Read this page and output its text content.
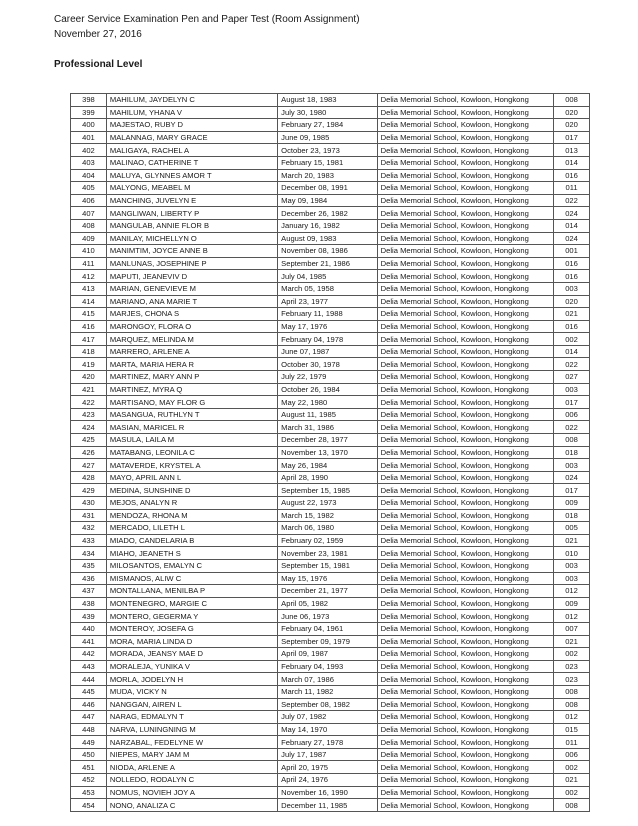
Career Service Examination Pen and Paper Test (Room Assignment)
November 27, 2016
Professional Level
398	MAHILUM, JAYDELYN C	August 18, 1983	Delia Memorial School, Kowloon, Hongkong	008
399	MAHILUM, YHANA V	July 30, 1980	Delia Memorial School, Kowloon, Hongkong	020
400	MAJESTAO, RUBY D	February 27, 1984	Delia Memorial School, Kowloon, Hongkong	020
401	MALANNAG, MARY GRACE	June 09, 1985	Delia Memorial School, Kowloon, Hongkong	017
402	MALIGAYA, RACHEL A	October 23, 1973	Delia Memorial School, Kowloon, Hongkong	013
403	MALINAO, CATHERINE T	February 15, 1981	Delia Memorial School, Kowloon, Hongkong	014
404	MALUYA, GLYNNES AMOR T	March 20, 1983	Delia Memorial School, Kowloon, Hongkong	016
405	MALYONG, MEABEL M	December 08, 1991	Delia Memorial School, Kowloon, Hongkong	011
406	MANCHING, JUVELYN E	May 09, 1984	Delia Memorial School, Kowloon, Hongkong	022
407	MANGLIWAN, LIBERTY P	December 26, 1982	Delia Memorial School, Kowloon, Hongkong	024
408	MANGULAB, ANNIE FLOR B	January 16, 1982	Delia Memorial School, Kowloon, Hongkong	014
409	MANILAY, MICHELLYN O	August 09, 1983	Delia Memorial School, Kowloon, Hongkong	024
410	MANIMTIM, JOYCE ANNE B	November 08, 1986	Delia Memorial School, Kowloon, Hongkong	001
411	MANLUNAS, JOSEPHINE P	September 21, 1986	Delia Memorial School, Kowloon, Hongkong	016
412	MAPUTI, JEANEVIV D	July 04, 1985	Delia Memorial School, Kowloon, Hongkong	016
413	MARIAN, GENEVIEVE M	March 05, 1958	Delia Memorial School, Kowloon, Hongkong	003
414	MARIANO, ANA MARIE T	April 23, 1977	Delia Memorial School, Kowloon, Hongkong	020
415	MARJES, CHONA S	February 11, 1988	Delia Memorial School, Kowloon, Hongkong	021
416	MARONGOY, FLORA O	May 17, 1976	Delia Memorial School, Kowloon, Hongkong	016
417	MARQUEZ, MELINDA M	February 04, 1978	Delia Memorial School, Kowloon, Hongkong	002
418	MARRERO, ARLENE A	June 07, 1987	Delia Memorial School, Kowloon, Hongkong	014
419	MARTA, MARIA HERA R	October 30, 1978	Delia Memorial School, Kowloon, Hongkong	022
420	MARTINEZ, MARY ANN P	July 22, 1979	Delia Memorial School, Kowloon, Hongkong	027
421	MARTINEZ, MYRA Q	October 26, 1984	Delia Memorial School, Kowloon, Hongkong	003
422	MARTISANO, MAY FLOR G	May 22, 1980	Delia Memorial School, Kowloon, Hongkong	017
423	MASANGUA, RUTHLYN T	August 11, 1985	Delia Memorial School, Kowloon, Hongkong	006
424	MASIAN, MARICEL R	March 31, 1986	Delia Memorial School, Kowloon, Hongkong	022
425	MASULA, LAILA M	December 28, 1977	Delia Memorial School, Kowloon, Hongkong	008
426	MATABANG, LEONILA C	November 13, 1970	Delia Memorial School, Kowloon, Hongkong	018
427	MATAVERDE, KRYSTEL A	May 26, 1984	Delia Memorial School, Kowloon, Hongkong	003
428	MAYO, APRIL ANN L	April 28, 1990	Delia Memorial School, Kowloon, Hongkong	024
429	MEDINA, SUNSHINE D	September 15, 1985	Delia Memorial School, Kowloon, Hongkong	017
430	MEJOS, ANALYN R	August 22, 1973	Delia Memorial School, Kowloon, Hongkong	009
431	MENDOZA, RHONA M	March 15, 1982	Delia Memorial School, Kowloon, Hongkong	018
432	MERCADO, LILETH L	March 06, 1980	Delia Memorial School, Kowloon, Hongkong	005
433	MIADO, CANDELARIA B	February 02, 1959	Delia Memorial School, Kowloon, Hongkong	021
434	MIAHO, JEANETH S	November 23, 1981	Delia Memorial School, Kowloon, Hongkong	010
435	MILOSANTOS, EMALYN C	September 15, 1981	Delia Memorial School, Kowloon, Hongkong	003
436	MISMANOS, ALIW C	May 15, 1976	Delia Memorial School, Kowloon, Hongkong	003
437	MONTALLANA, MENILBA P	December 21, 1977	Delia Memorial School, Kowloon, Hongkong	012
438	MONTENEGRO, MARGIE C	April 05, 1982	Delia Memorial School, Kowloon, Hongkong	009
439	MONTERO, GEGERMA Y	June 06, 1973	Delia Memorial School, Kowloon, Hongkong	012
440	MONTEROY, JOSEFA G	February 04, 1961	Delia Memorial School, Kowloon, Hongkong	007
441	MORA, MARIA LINDA D	September 09, 1979	Delia Memorial School, Kowloon, Hongkong	021
442	MORADA, JEANSY MAE D	April 09, 1987	Delia Memorial School, Kowloon, Hongkong	002
443	MORALEJA, YUNIKA V	February 04, 1993	Delia Memorial School, Kowloon, Hongkong	023
444	MORLA, JODELYN H	March 07, 1986	Delia Memorial School, Kowloon, Hongkong	023
445	MUDA, VICKY N	March 11, 1982	Delia Memorial School, Kowloon, Hongkong	008
446	NANGGAN, AIREN L	September 08, 1982	Delia Memorial School, Kowloon, Hongkong	008
447	NARAG, EDMALYN T	July 07, 1982	Delia Memorial School, Kowloon, Hongkong	012
448	NARVA, LUNINGNING M	May 14, 1970	Delia Memorial School, Kowloon, Hongkong	015
449	NARZABAL, FEDELYNE W	February 27, 1978	Delia Memorial School, Kowloon, Hongkong	011
450	NIEPES, MARY JAM M	July 17, 1987	Delia Memorial School, Kowloon, Hongkong	006
451	NIODA, ARLENE A	April 20, 1975	Delia Memorial School, Kowloon, Hongkong	002
452	NOLLEDO, RODALYN C	April 24, 1976	Delia Memorial School, Kowloon, Hongkong	021
453	NOMUS, NOVIEH JOY A	November 16, 1990	Delia Memorial School, Kowloon, Hongkong	002
454	NONO, ANALIZA C	December 11, 1985	Delia Memorial School, Kowloon, Hongkong	008
